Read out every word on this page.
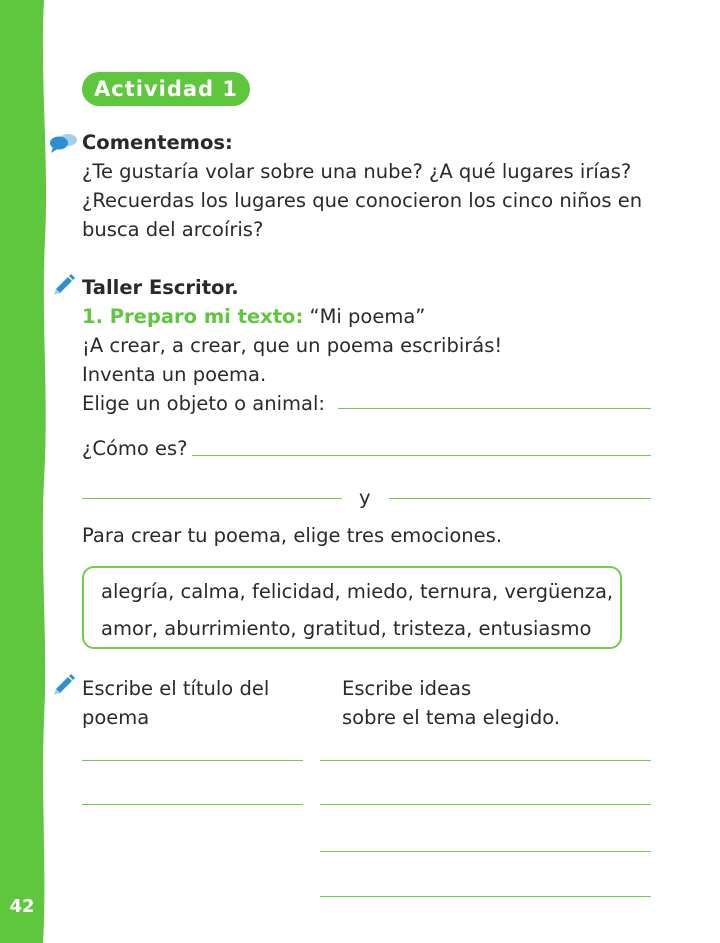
42
Actividad 1
Comentemos:
¿Te gustaría volar sobre una nube? ¿A qué lugares irías?
¿Recuerdas los lugares que conocieron los cinco niños en
busca del arcoíris?
Taller Escritor.
1. Preparo mi texto: “Mi poema”
¡A crear, a crear, que un poema escribirás!
Inventa un poema.
Elige un objeto o animal:
¿Cómo es?
y
Para crear tu poema, elige tres emociones.
alegría, calma, felicidad, miedo, ternura, vergüenza,
amor, aburrimiento, gratitud, tristeza, entusiasmo
Escribe el título del
poema
Escribe ideas
sobre el tema elegido.
